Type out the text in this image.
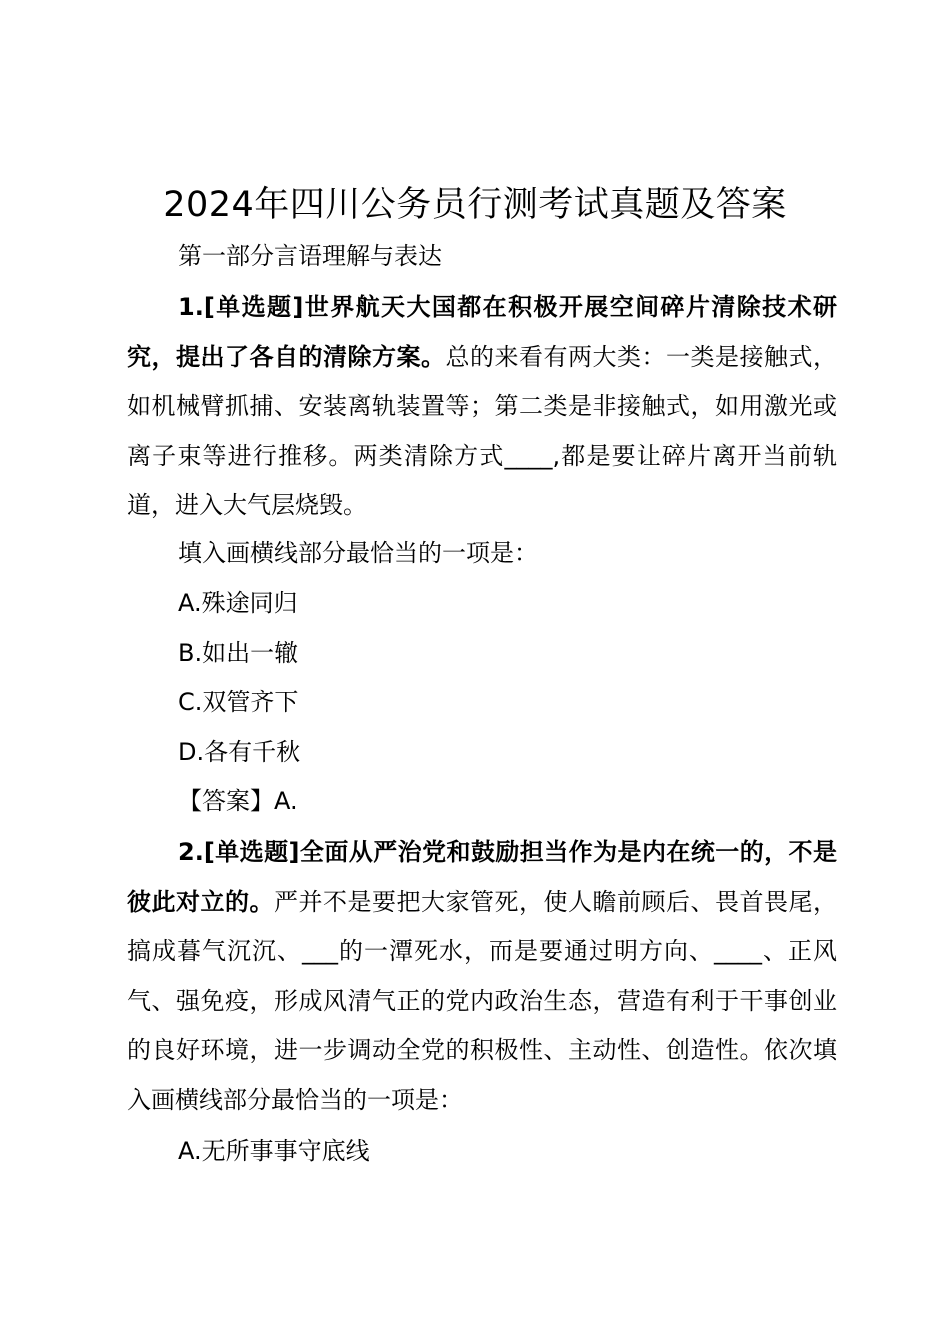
2024年四川公务员行测考试真题及答案
第一部分言语理解与表达

1.[单选题]世界航天大国都在积极开展空间碎片清除技术研究，提出了各自的清除方案。总的来看有两大类：一类是接触式，如机械臂抓捕、安装离轨装置等；第二类是非接触式，如用激光或离子束等进行推移。两类清除方式____,都是要让碎片离开当前轨道，进入大气层烧毁。

填入画横线部分最恰当的一项是：
A.殊途同归
B.如出一辙
C.双管齐下
D.各有千秋
【答案】A.

2.[单选题]全面从严治党和鼓励担当作为是内在统一的，不是彼此对立的。严并不是要把大家管死，使人瞻前顾后、畏首畏尾，搞成暮气沉沉、___的一潭死水，而是要通过明方向、____、正风气、强免疫，形成风清气正的党内政治生态，营造有利于干事创业的良好环境，进一步调动全党的积极性、主动性、创造性。依次填入画横线部分最恰当的一项是：

A.无所事事守底线
